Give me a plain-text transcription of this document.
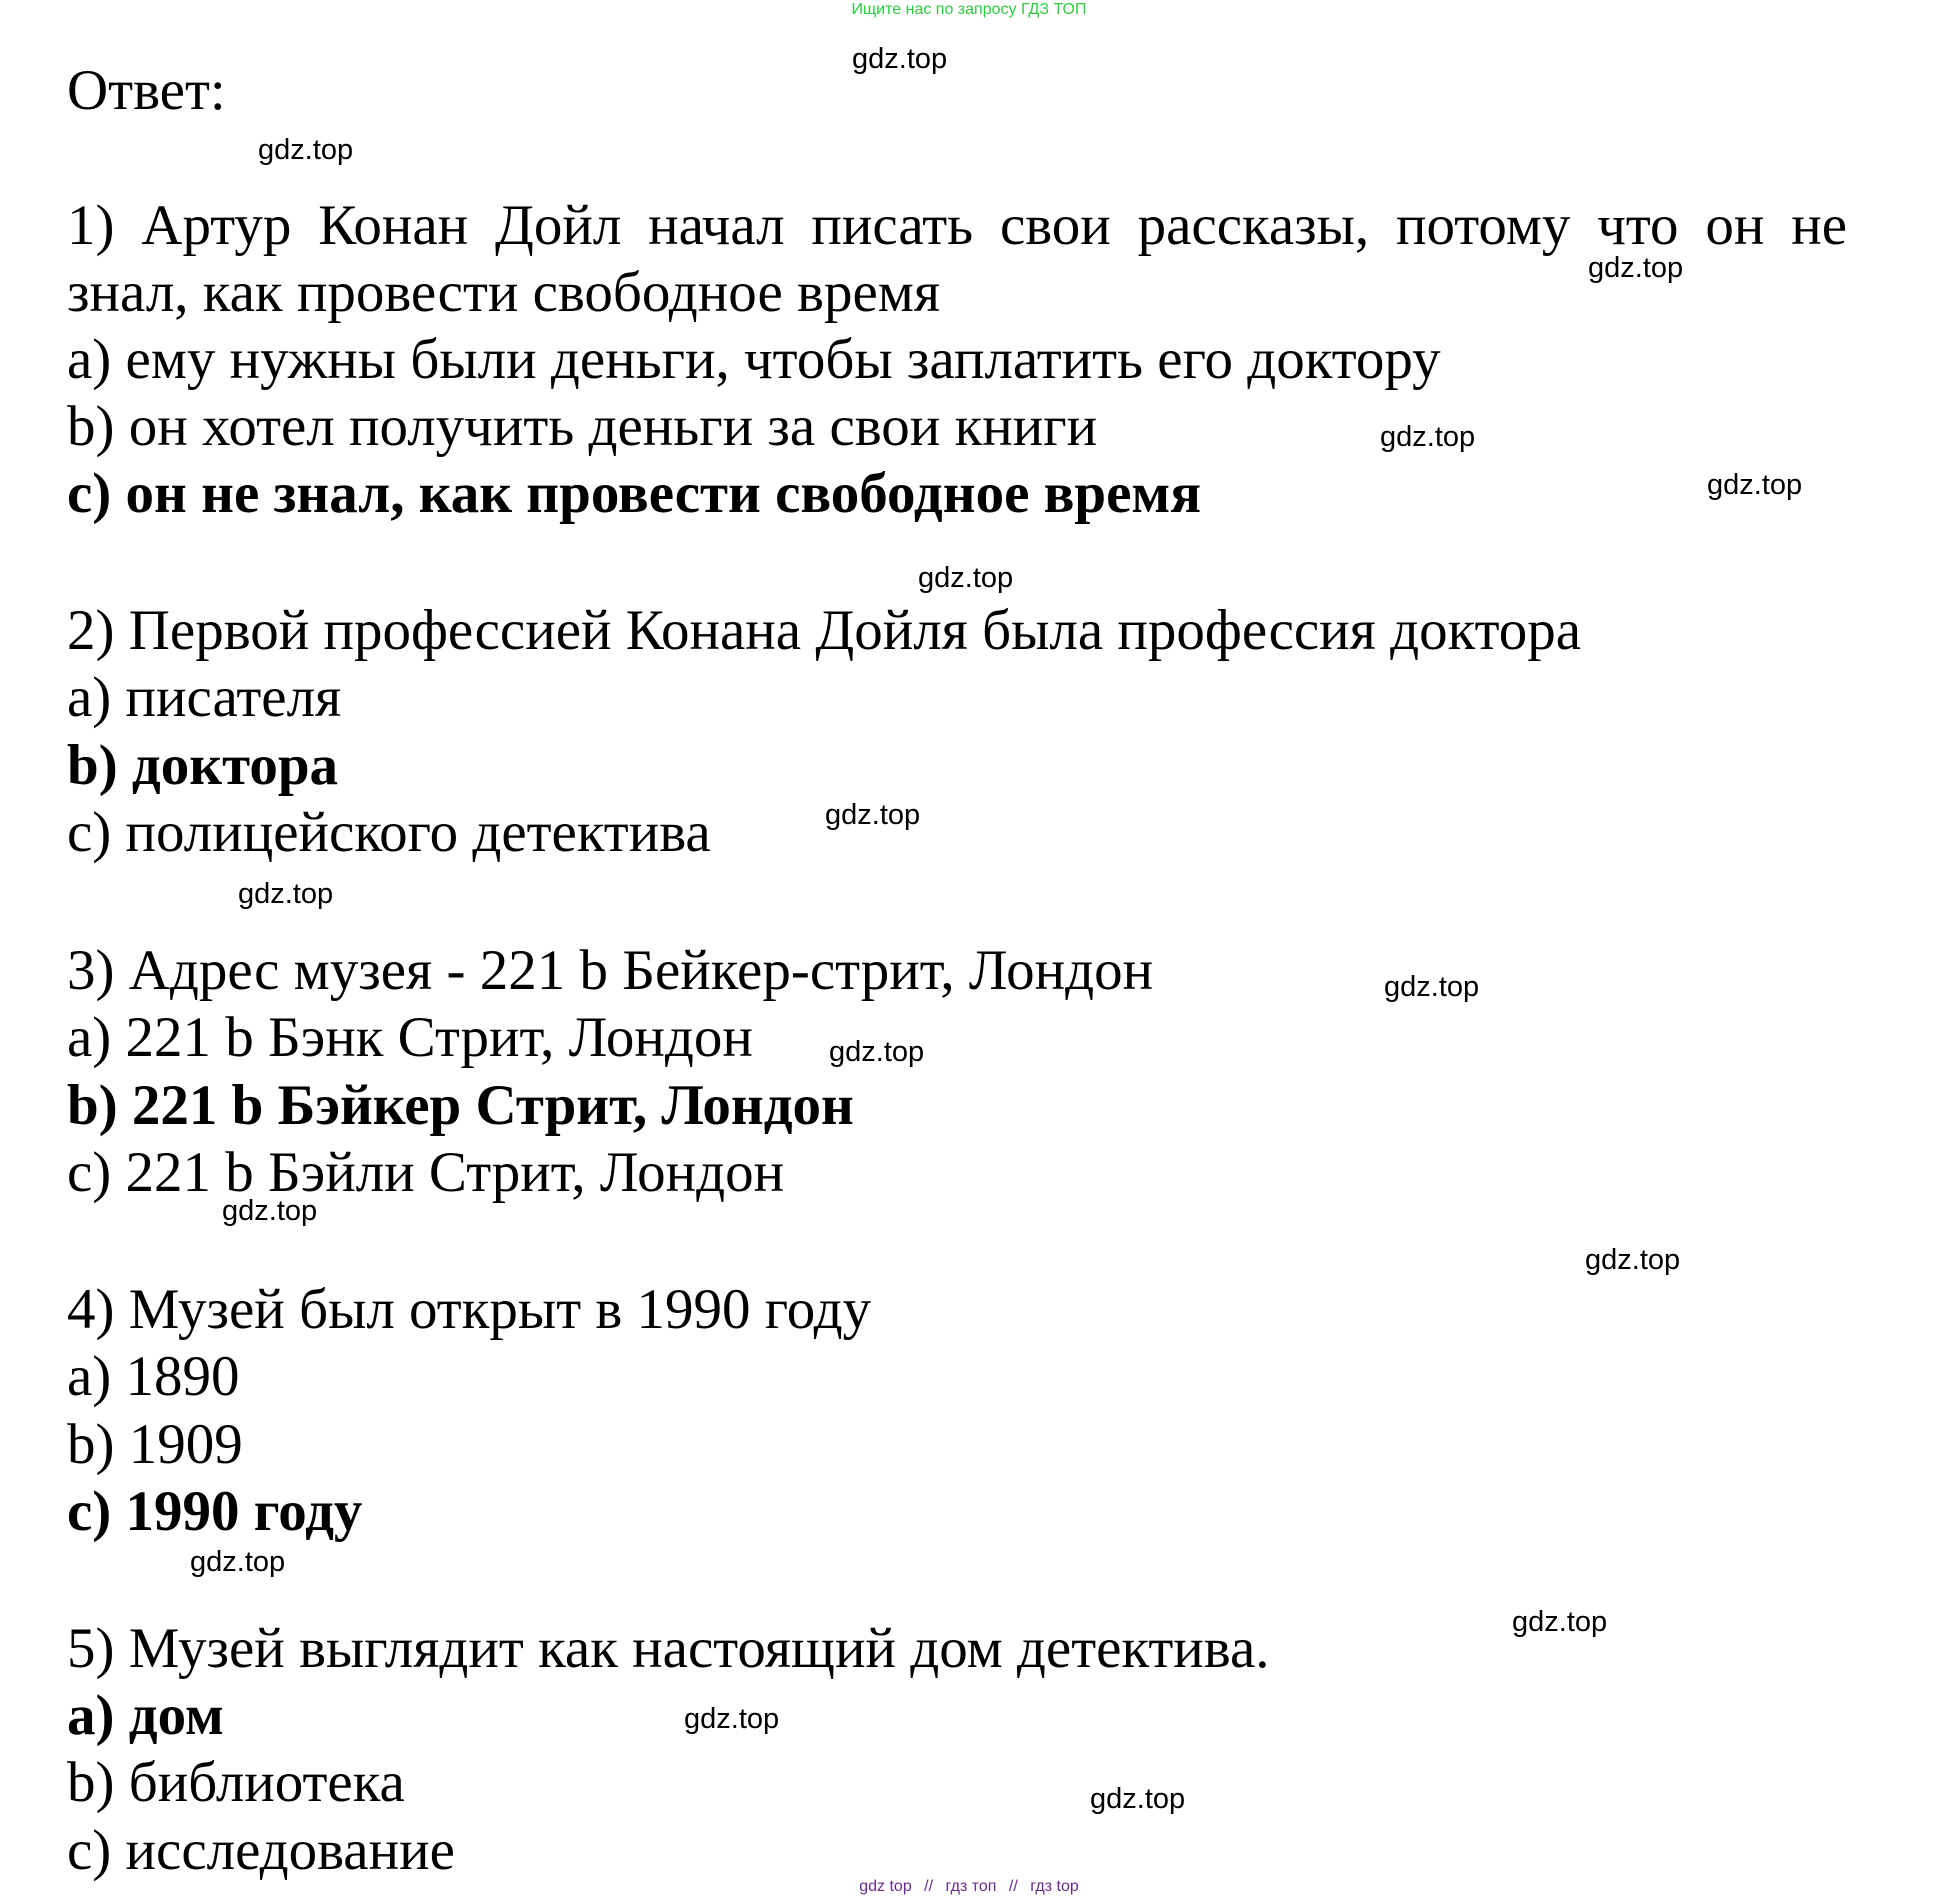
Ищите нас по запросу ГДЗ ТОП
Ответ:
1) Артур Конан Дойл начал писать свои рассказы, потому что он не
знал, как провести свободное время
a) ему нужны были деньги, чтобы заплатить его доктору
b) он хотел получить деньги за свои книги
c) он не знал, как провести свободное время
2) Первой профессией Конана Дойля была профессия доктора
a) писателя
b) доктора
c) полицейского детектива
3) Адрес музея - 221 b Бейкер-стрит, Лондон
a) 221 b Бэнк Стрит, Лондон
b) 221 b Бэйкер Стрит, Лондон
c) 221 b Бэйли Стрит, Лондон
4) Музей был открыт в 1990 году
a) 1890
b) 1909
c) 1990 году
5) Музей выглядит как настоящий дом детектива.
a) дом
b) библиотека
c) исследование
gdz.top
gdz.top
gdz.top
gdz.top
gdz.top
gdz.top
gdz.top
gdz.top
gdz.top
gdz.top
gdz.top
gdz.top
gdz.top
gdz.top
gdz.top
gdz.top
gdz top // гдз топ // гдз top
